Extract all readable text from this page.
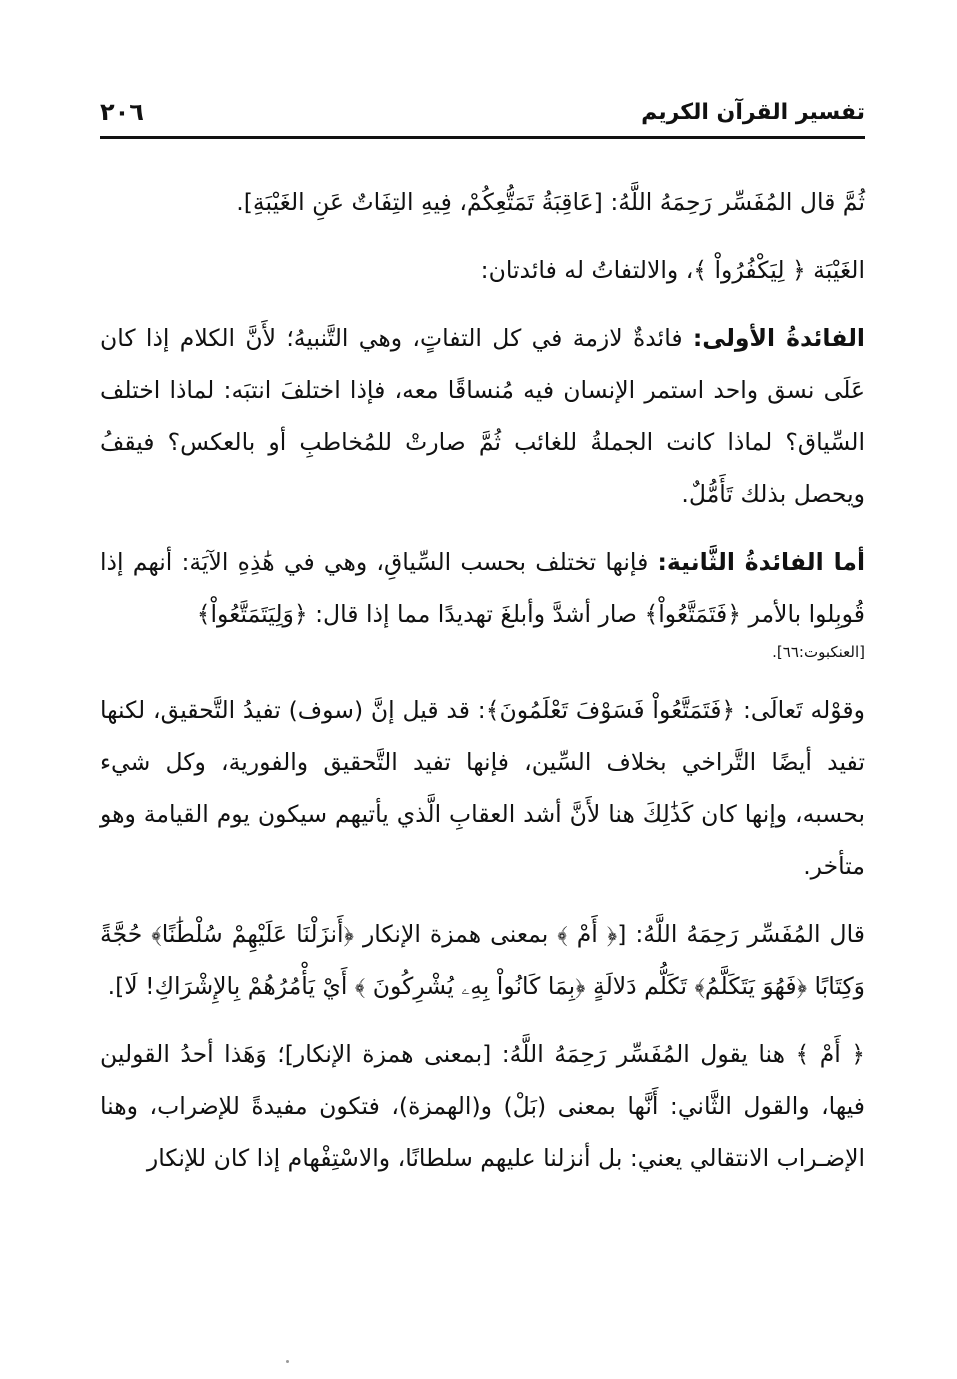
تفسير القرآن الكريم
٢٠٦

ثُمَّ قال المُفَسِّر رَحِمَهُ اللَّهُ: [عَاقِبَةُ تَمَتُّعِكُمْ، فِيهِ التِفَاتٌ عَنِ الغَيْبَةِ].

الغَيْبَة ﴿ لِيَكْفُرُواْ ﴾، والالتفاتُ له فائدتان:

الفائدةُ الأولى: فائدةٌ لازمة في كل التفاتٍ، وهي التَّنبيهُ؛ لأَنَّ الكلام إذا كان عَلَى نسق واحد استمر الإنسان فيه مُنساقًا معه، فإذا اختلفَ انتبَه: لماذا اختلف السِّياق؟ لماذا كانت الجملةُ للغائب ثُمَّ صارتْ للمُخاطبِ أو بالعكس؟ فيقفُ ويحصل بذلك تَأَمُّلٌ.

أما الفائدةُ الثَّانية: فإنها تختلف بحسب السِّياقِ، وهي في هَٰذِهِ الآيَة: أنهم إذا قُوبِلوا بالأمر ﴿فَتَمَتَّعُواْ﴾ صار أشدَّ وأبلغَ تهديدًا مما إذا قال: ﴿وَلِيَتَمَتَّعُواْ﴾

[العنكبوت:٦٦].

وقوْله تَعالَى: ﴿فَتَمَتَّعُواْ فَسَوْفَ تَعْلَمُونَ﴾: قد قيل إنَّ (سوف) تفيدُ التَّحقيق، لكنها تفيد أيضًا التَّراخي بخلاف السِّين، فإنها تفيد التَّحقيق والفورية، وكل شيء بحسبه، وإنها كان كَذَٰلِكَ هنا لأَنَّ أشد العقابِ الَّذي يأتيهم سيكون يوم القيامة وهو متأخر.

قال المُفَسِّر رَحِمَهُ اللَّهُ: [﴿ أَمْ ﴾ بمعنى همزة الإنكار ﴿أَنزَلْنَا عَلَيْهِمْ سُلْطَٰنًا﴾ حُجَّةً وَكِتَابًا ﴿فَهُوَ يَتَكَلَّمُ﴾ تَكَلُّم دَلالَةٍ ﴿بِمَا كَانُواْ بِهِۦ يُشْرِكُونَ ﴾ أَيْ يَأْمُرُهُمْ بِالإِشْرَاكِ! لَا].

﴿ أَمْ ﴾ هنا يقول المُفَسِّر رَحِمَهُ اللَّهُ: [بمعنى همزة الإنكار]؛ وَهَذا أحدُ القولين فيها، والقول الثَّاني: أَنَّها بمعنى (بَلْ) و(الهمزة)، فتكون مفيدةً للإضراب، وهنا الإضـراب الانتقالي يعني: بل أنزلنا عليهم سلطانًا، والاسْتِفْهام إذا كان للإنكار
